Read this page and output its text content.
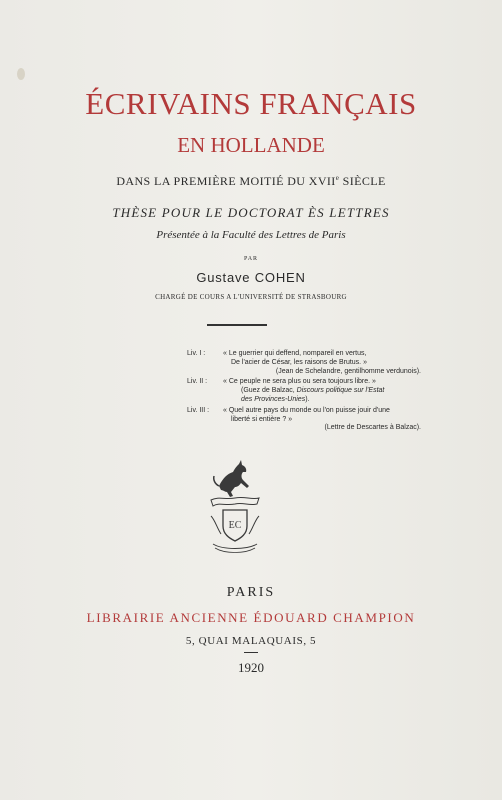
ÉCRIVAINS FRANÇAIS
EN HOLLANDE
DANS LA PREMIÈRE MOITIÉ DU XVIIe SIÈCLE
THÈSE POUR LE DOCTORAT ÈS LETTRES
Présentée à la Faculté des Lettres de Paris
PAR
Gustave COHEN
CHARGÉ DE COURS A L'UNIVERSITÉ DE STRASBOURG
Liv. I :	« Le guerrier qui deffend, nompareil en vertus,
De l'acier de César, les raisons de Brutus. »
(Jean de Schelandre, gentilhomme verdunois).
Liv. II :	« Ce peuple ne sera plus ou sera toujours libre. »
(Guez de Balzac, Discours politique sur l'Estat
des Provinces-Unies).
Liv. III :	« Quel autre pays du monde ou l'on puisse jouir d'une
liberté si entière ? »
(Lettre de Descartes à Balzac).
EC
PARIS
LIBRAIRIE ANCIENNE ÉDOUARD CHAMPION
5, QUAI MALAQUAIS, 5
1920
